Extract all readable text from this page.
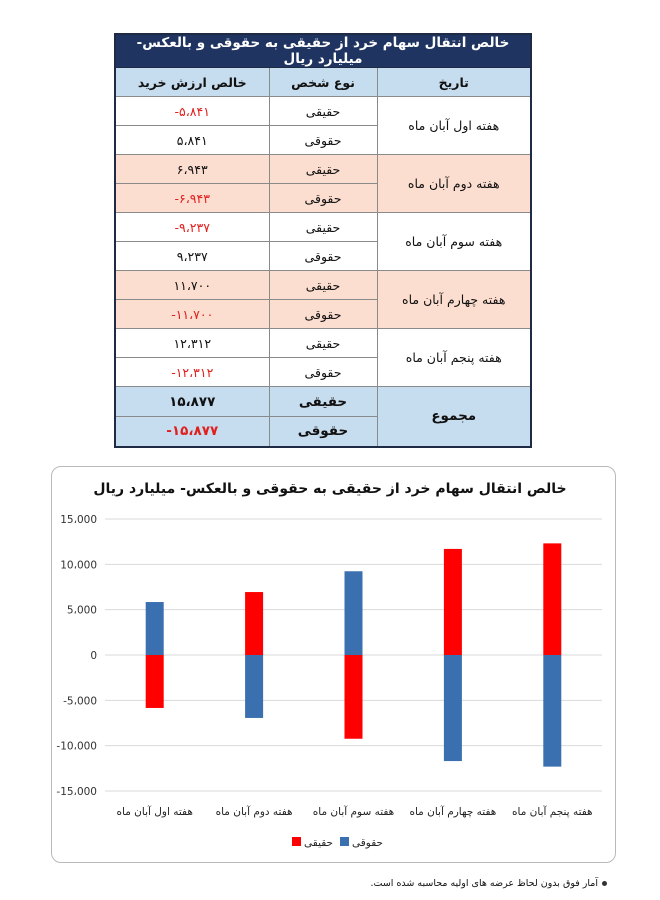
خالص انتقال سهام خرد از حقیقی به حقوقی و بالعکس- میلیارد ریال		
تاریخ	نوع شخص	خالص ارزش خرید
هفته اول آبان ماه	حقیقی	-۵،۸۴۱
	حقوقی	۵،۸۴۱
هفته دوم آبان ماه	حقیقی	۶،۹۴۳
	حقوقی	-۶،۹۴۳
هفته سوم آبان ماه	حقیقی	-۹،۲۳۷
	حقوقی	۹،۲۳۷
هفته چهارم آبان ماه	حقیقی	۱۱،۷۰۰
	حقوقی	-۱۱،۷۰۰
هفته پنجم آبان ماه	حقیقی	۱۲،۳۱۲
	حقوقی	-۱۲،۳۱۲
مجموع	حقیقی	۱۵،۸۷۷
	حقوقی	-۱۵،۸۷۷
خالص انتقال سهام خرد از حقیقی به حقوقی و بالعکس- میلیارد ریال
15،000
10،000
5،000
0
-5،000
-10،000
-15،000
هفته اول آبان ماه هفته دوم آبان ماه هفته سوم آبان ماه هفته چهارم آبان ماه هفته پنجم آبان ماه
حقوقی
حقیقی
آمار فوق بدون لحاظ عرضه های اولیه محاسبه شده است.
